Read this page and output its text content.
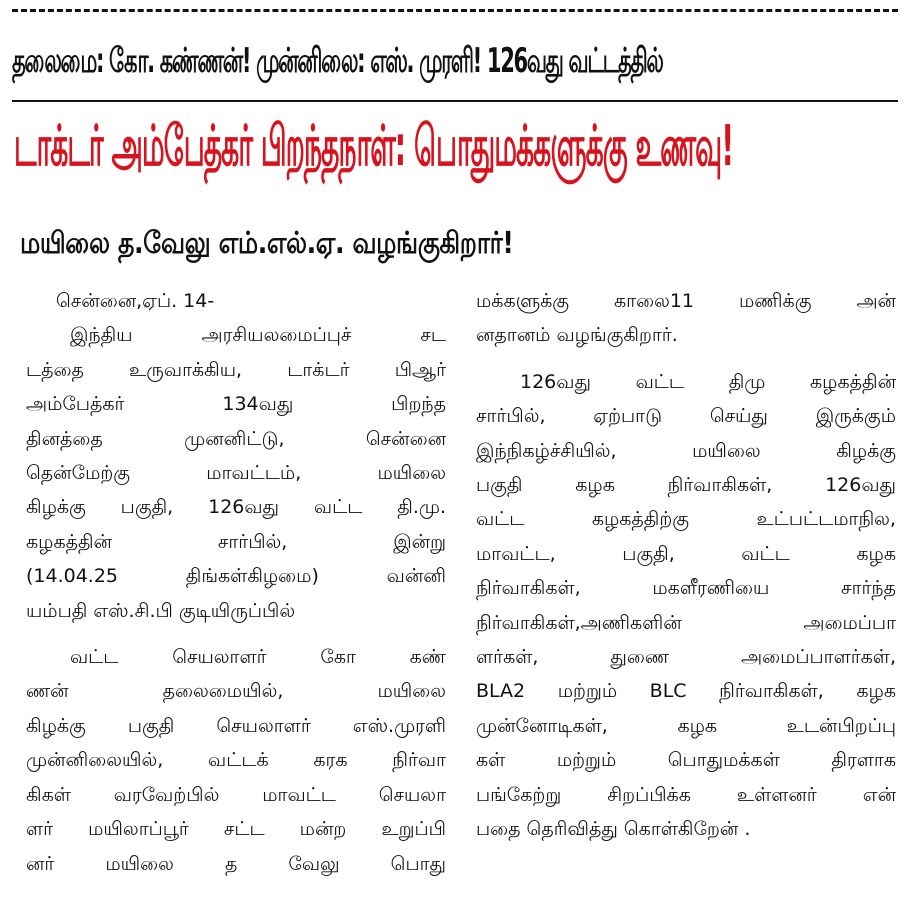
தலைமை: கோ. கண்ணன்! முன்னிலை: எஸ். முரளி! 126வது வட்டத்தில்
டாக்டர் அம்பேத்கர் பிறந்தநாள்: பொதுமக்களுக்கு உணவு!
மயிலை த.வேலு எம்.எல்.ஏ. வழங்குகிறார்!
சென்னை,ஏப். 14-
இந்திய அரசியலமைப்புச் சட
டத்தை உருவாக்கிய, டாக்டர் பிஆர்
அம்பேத்கர் 134வது பிறந்த
தினத்தை முனனிட்டு, சென்னை
தென்மேற்கு மாவட்டம், மயிலை
கிழக்கு பகுதி, 126வது வட்ட தி.மு.
கழகத்தின் சார்பில், இன்று
(14.04.25 திங்கள்கிழமை) வன்னி
யம்பதி எஸ்.சி.பி குடியிருப்பில்
வட்ட செயலாளர் கோ கண்
ணன் தலைமையில், மயிலை
கிழக்கு பகுதி செயலாளர் எஸ்.முரளி
முன்னிலையில், வட்டக் கரக நிர்வா
கிகள் வரவேற்பில் மாவட்ட செயலா
ளர் மயிலாப்பூர் சட்ட மன்ற உறுப்பி
னர் மயிலை த வேலு பொது
மக்களுக்கு காலை11 மணிக்கு அன்
னதானம் வழங்குகிறார்.
126வது வட்ட திமு கழகத்தின்
சார்பில், ஏற்பாடு செய்து இருக்கும்
இந்நிகழ்ச்சியில், மயிலை கிழக்கு
பகுதி கழக நிர்வாகிகள், 126வது
வட்ட கழகத்திற்கு உட்பட்டமாநில,
மாவட்ட, பகுதி, வட்ட கழக
நிர்வாகிகள், மகளீரணியை சார்ந்த
நிர்வாகிகள்,அணிகளின் அமைப்பா
ளர்கள், துணை அமைப்பாளர்கள்,
BLA2 மற்றும் BLC நிர்வாகிகள், கழக
முன்னோடிகள், கழக உடன்பிறப்பு
கள் மற்றும் பொதுமக்கள் திரளாக
பங்கேற்று சிறப்பிக்க உள்ளனர் என்
பதை தெரிவித்து கொள்கிறேன் .
